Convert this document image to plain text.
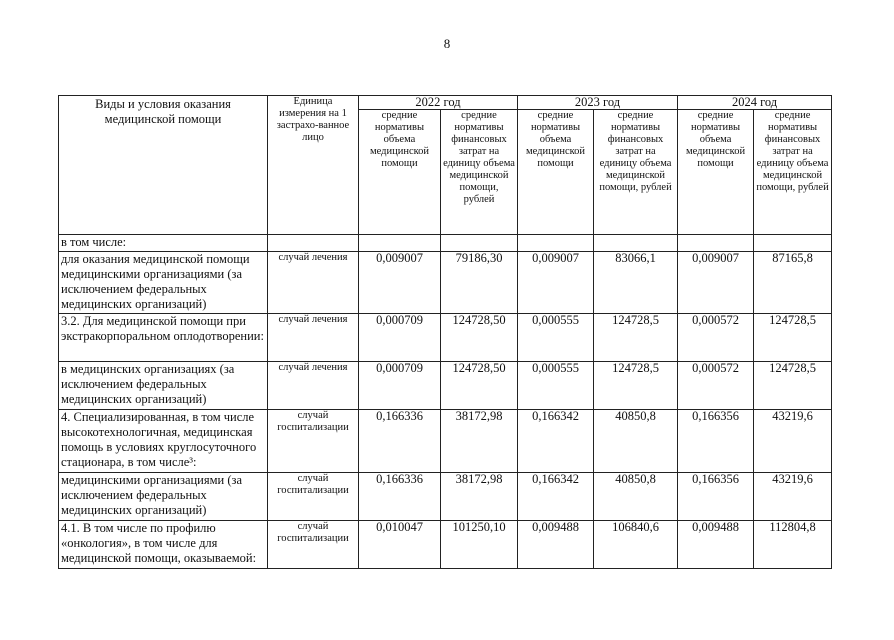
8
Виды и условия оказания медицинской помощи	Единица измерения на 1 застрахо-ванное лицо	2022 год		2023 год		2024 год	
		средние нормативы объема медицинской помощи	средние нормативы финансовых затрат на единицу объема медицинской помощи, рублей	средние нормативы объема медицинской помощи	средние нормативы финансовых затрат на единицу объема медицинской помощи, рублей	средние нормативы объема медицинской помощи	средние нормативы финансовых затрат на единицу объема медицинской помощи, рублей
в том числе:							
для оказания медицинской помощи медицинскими организациями (за исключением федеральных медицинских организаций)	случай лечения	0,009007	79186,30	0,009007	83066,1	0,009007	87165,8
3.2. Для медицинской помощи при экстракорпоральном оплодотворении:	случай лечения	0,000709	124728,50	0,000555	124728,5	0,000572	124728,5
в медицинских организациях (за исключением федеральных медицинских организаций)	случай лечения	0,000709	124728,50	0,000555	124728,5	0,000572	124728,5
4. Специализированная, в том числе высокотехнологичная, медицинская помощь в условиях круглосуточного стационара, в том числе³:	случай госпитализации	0,166336	38172,98	0,166342	40850,8	0,166356	43219,6
медицинскими организациями (за исключением федеральных медицинских организаций)	случай госпитализации	0,166336	38172,98	0,166342	40850,8	0,166356	43219,6
4.1. В том числе по профилю «онкология», в том числе для медицинской помощи, оказываемой:	случай госпитализации	0,010047	101250,10	0,009488	106840,6	0,009488	112804,8
